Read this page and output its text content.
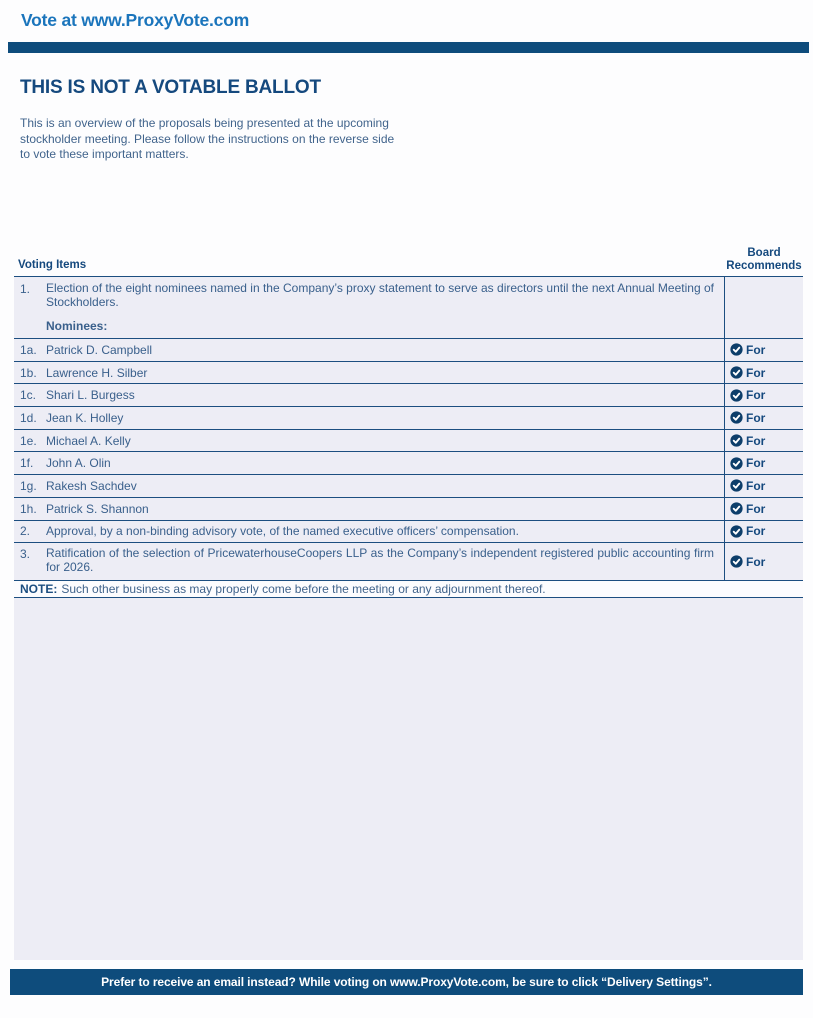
Vote at www.ProxyVote.com
THIS IS NOT A VOTABLE BALLOT
This is an overview of the proposals being presented at the upcoming stockholder meeting. Please follow the instructions on the reverse side to vote these important matters.
Voting Items
Board
Recommends
1.	Election of the eight nominees named in the Company’s proxy statement to serve as directors until the next Annual Meeting of Stockholders.
Nominees:
1a. Patrick D. Campbell	For
1b. Lawrence H. Silber	For
1c. Shari L. Burgess	For
1d. Jean K. Holley	For
1e. Michael A. Kelly	For
1f.	John A. Olin	For
1g. Rakesh Sachdev	For
1h. Patrick S. Shannon	For
2.	Approval, by a non-binding advisory vote, of the named executive officers’ compensation.	For
3.	Ratification of the selection of PricewaterhouseCoopers LLP as the Company’s independent registered public accounting firm for 2026.	For
NOTE: Such other business as may properly come before the meeting or any adjournment thereof.
Prefer to receive an email instead? While voting on www.ProxyVote.com, be sure to click “Delivery Settings”.
